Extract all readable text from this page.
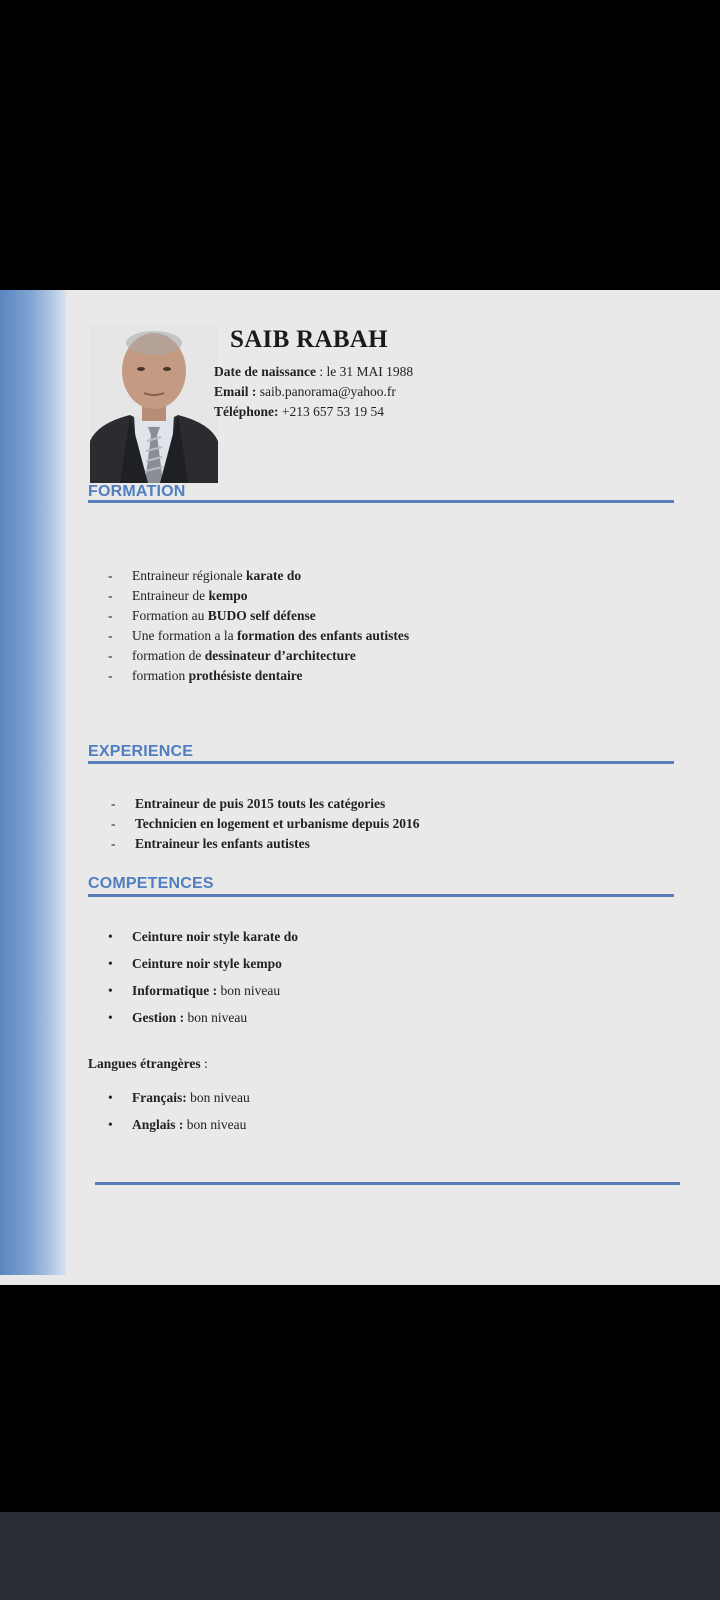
SAIB RABAH
Date de naissance : le 31 MAI 1988
Email : saib.panorama@yahoo.fr
Téléphone: +213 657 53 19 54
FORMATION
- Entraineur régionale karate do
- Entraineur de kempo
- Formation au BUDO self défense
- Une formation a la formation des enfants autistes
- formation de dessinateur d’architecture
- formation prothésiste dentaire
EXPERIENCE
- Entraineur de puis 2015 touts les catégories
- Technicien en logement et urbanisme depuis 2016
- Entraineur les enfants autistes
COMPETENCES
• Ceinture noir style karate do
• Ceinture noir style kempo
• Informatique : bon niveau
• Gestion : bon niveau
Langues étrangères :
• Français: bon niveau
• Anglais : bon niveau
